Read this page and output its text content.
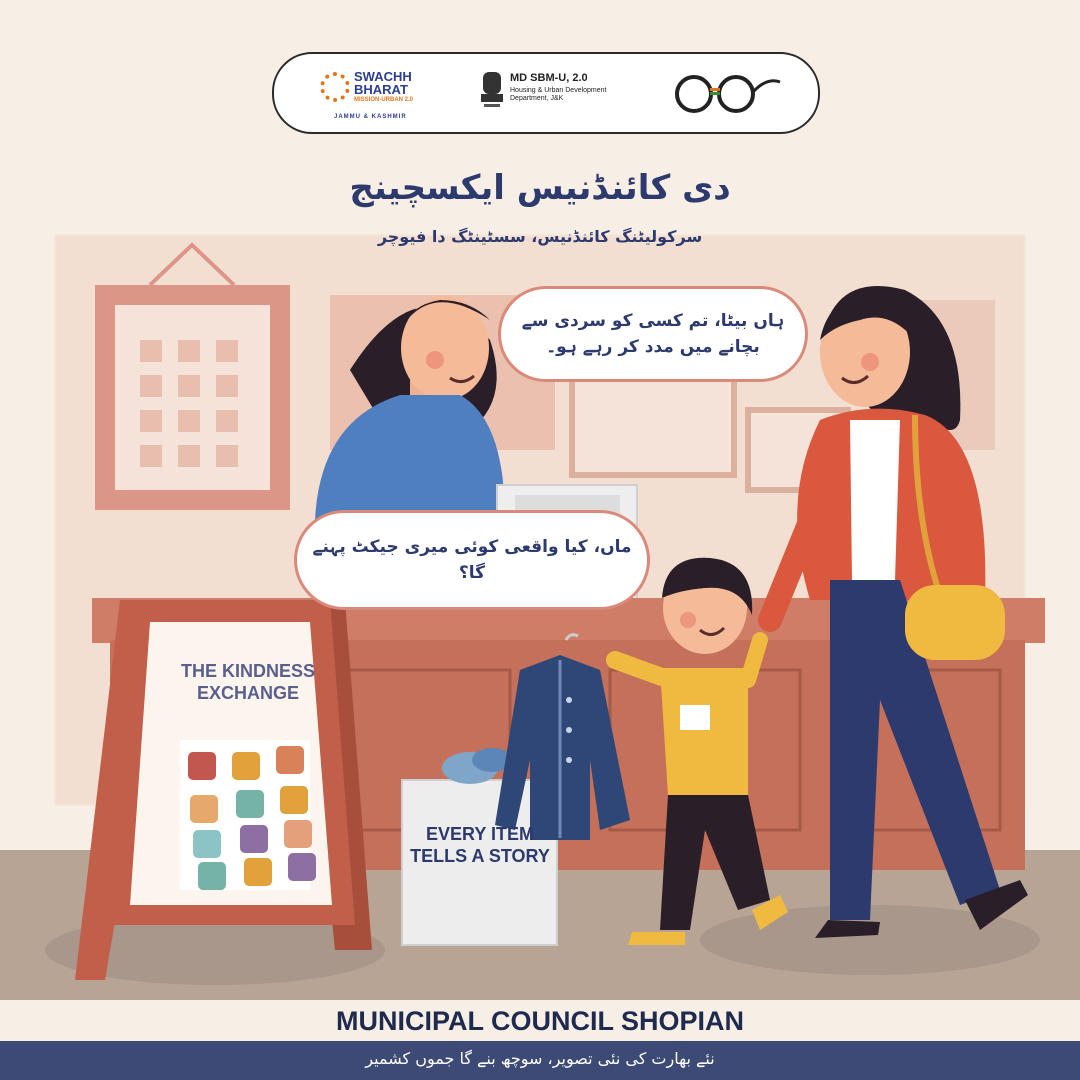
SWACHH
BHARAT
MISSION-URBAN 2.0
JAMMU & KASHMIR
MD SBM-U, 2.0
Housing & Urban Development Department, J&K
دی کائنڈنیس ایکسچینج
سرکولیٹنگ کائنڈنیس، سسٹینٹگ دا فیوچر
ہاں بیٹا، تم کسی کو سردی سے بچانے میں مدد کر رہے ہو۔
ماں، کیا واقعی کوئی میری جیکٹ پہنے گا؟
THE KINDNESS EXCHANGE
EVERY ITEM TELLS A STORY
MUNICIPAL COUNCIL SHOPIAN
نئے بھارت کی نئی تصویر، سوچھ بنے گا جموں کشمیر
